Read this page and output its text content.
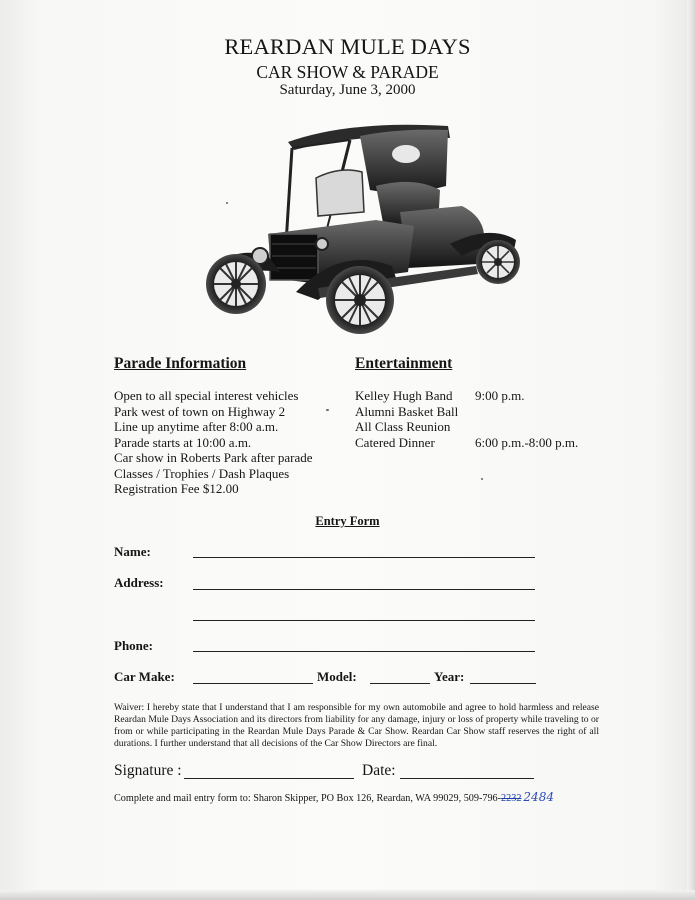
REARDAN MULE DAYS
CAR SHOW & PARADE
Saturday, June 3, 2000
Parade Information
Open to all special interest vehicles
Park west of town on Highway 2
Line up anytime after 8:00 a.m.
Parade starts at 10:00 a.m.
Car show in Roberts Park after parade
Classes / Trophies / Dash Plaques
Registration Fee $12.00
Entertainment
Kelley Hugh Band	9:00 p.m.
Alumni Basket Ball
All Class Reunion
Catered Dinner	6:00 p.m.-8:00 p.m.
Entry Form
Name:
Address:
Phone:
Car Make:	Model:	Year:
Waiver: I hereby state that I understand that I am responsible for my own automobile and agree to hold harmless and release Reardan Mule Days Association and its directors from liability for any damage, injury or loss of property while traveling to or from or while participating in the Reardan Mule Days Parade & Car Show. Reardan Car Show staff reserves the right of all durations. I further understand that all decisions of the Car Show Directors are final.
Signature :	Date:
Complete and mail entry form to: Sharon Skipper, PO Box 126, Reardan, WA 99029, 509-796-2232 2484
